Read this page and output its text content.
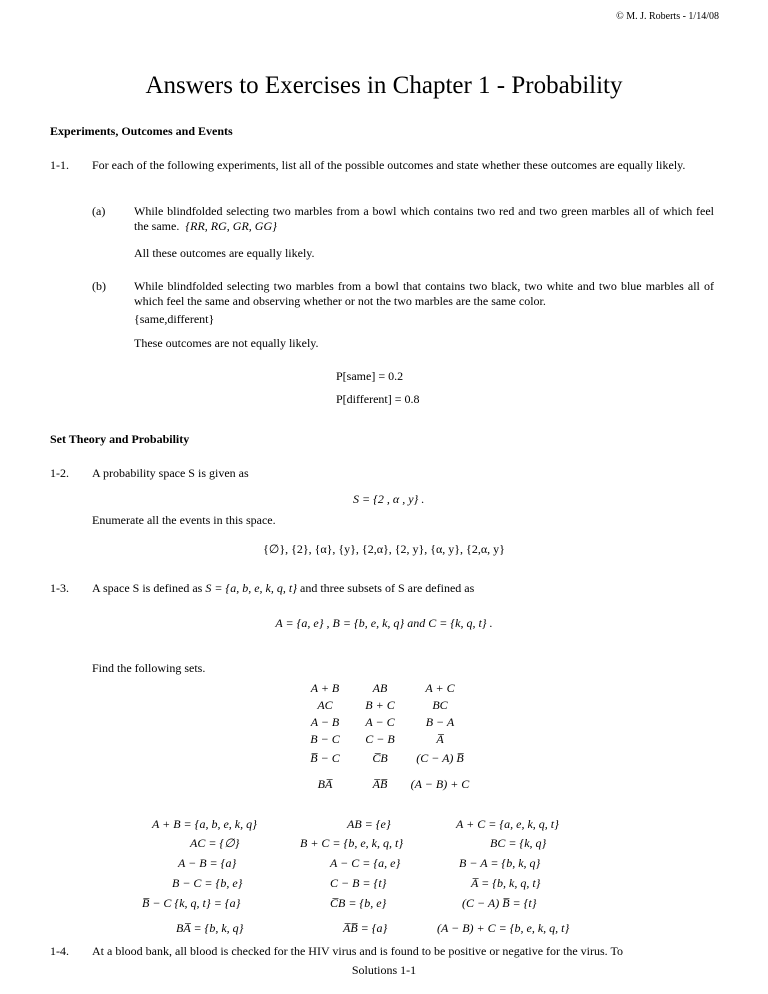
© M. J. Roberts - 1/14/08
Answers to Exercises in Chapter 1 - Probability
Experiments, Outcomes and Events
1-1. For each of the following experiments, list all of the possible outcomes and state whether these outcomes are equally likely.
(a) While blindfolded selecting two marbles from a bowl which contains two red and two green marbles all of which feel the same. {RR, RG, GR, GG}
All these outcomes are equally likely.
(b) While blindfolded selecting two marbles from a bowl that contains two black, two white and two blue marbles all of which feel the same and observing whether or not the two marbles are the same color.
{same,different}
These outcomes are not equally likely.
P[same] = 0.2
P[different] = 0.8
Set Theory and Probability
1-2. A probability space S is given as
S = {2 , α , y} .
Enumerate all the events in this space.
{∅}, {2}, {α}, {y}, {2,α}, {2, y}, {α, y}, {2,α, y}
1-3. A space S is defined as S = {a, b, e, k, q, t} and three subsets of S are defined as
A = {a, e} , B = {b, e, k, q} and C = {k, q, t} .
Find the following sets.
A + B	AB	A + C
AC	B + C	BC
A − B	A − C	B − A
B − C	C − B	A̅
B̅ − C	C̅B	(C − A) B̅
BA̅	A̅B̅	(A − B) + C
A + B = {a, b, e, k, q}	AB = {e}	A + C = {a, e, k, q, t}
AC = {∅}	B + C = {b, e, k, q, t}	BC = {k, q}
A − B = {a}	A − C = {a, e}	B − A = {b, k, q}
B − C = {b, e}	C − B = {t}	A̅ = {b, k, q, t}
B̅ − C {k, q, t} = {a}	C̅B = {b, e}	(C − A) B̅ = {t}
BA̅ = {b, k, q}	A̅B̅ = {a}	(A − B) + C = {b, e, k, q, t}
1-4. At a blood bank, all blood is checked for the HIV virus and is found to be positive or negative for the virus. To
Solutions 1-1
